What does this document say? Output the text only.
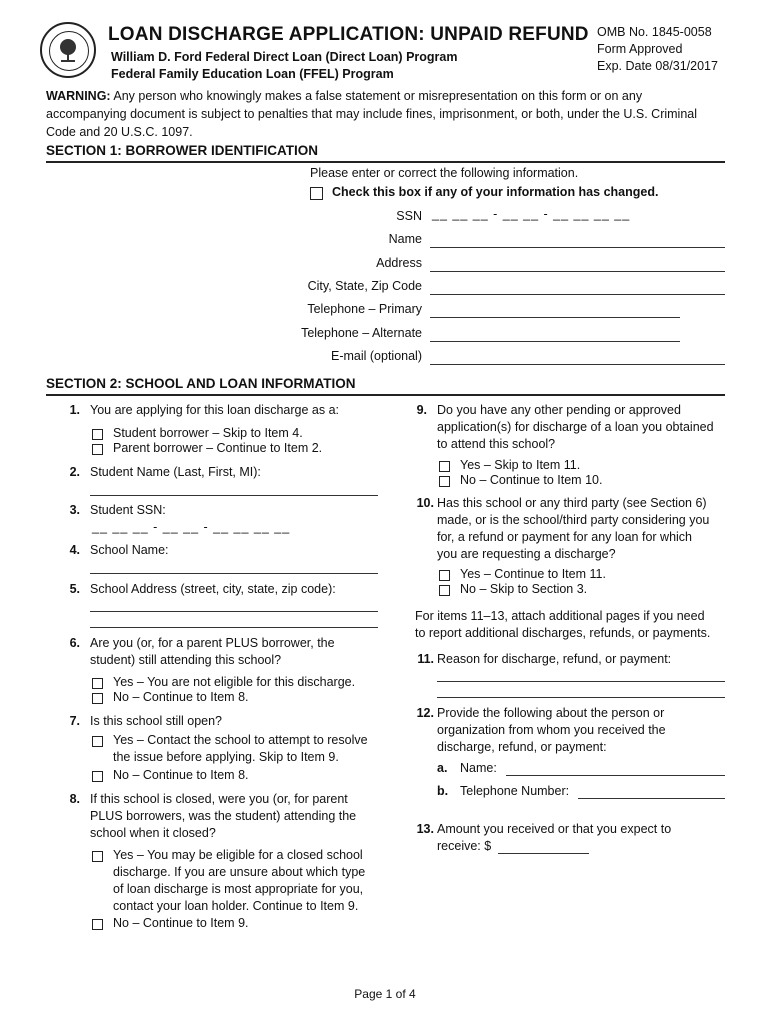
LOAN DISCHARGE APPLICATION: UNPAID REFUND
William D. Ford Federal Direct Loan (Direct Loan) Program
Federal Family Education Loan (FFEL) Program
OMB No. 1845-0058
Form Approved
Exp. Date 08/31/2017
WARNING: Any person who knowingly makes a false statement or misrepresentation on this form or on any accompanying document is subject to penalties that may include fines, imprisonment, or both, under the U.S. Criminal Code and 20 U.S.C. 1097.
SECTION 1: BORROWER IDENTIFICATION
Please enter or correct the following information.
Check this box if any of your information has changed.
SSN __ __ __ - __ __ - __ __ __ __
Name
Address
City, State, Zip Code
Telephone – Primary
Telephone – Alternate
E-mail (optional)
SECTION 2: SCHOOL AND LOAN INFORMATION
1. You are applying for this loan discharge as a:
Student borrower – Skip to Item 4.
Parent borrower – Continue to Item 2.
2. Student Name (Last, First, MI):
3. Student SSN:
__ __ __ - __ __ - __ __ __ __
4. School Name:
5. School Address (street, city, state, zip code):
6. Are you (or, for a parent PLUS borrower, the
student) still attending this school?
Yes – You are not eligible for this discharge.
No – Continue to Item 8.
7. Is this school still open?
Yes – Contact the school to attempt to resolve
the issue before applying. Skip to Item 9.
No – Continue to Item 8.
8. If this school is closed, were you (or, for parent
PLUS borrowers, was the student) attending the
school when it closed?
Yes – You may be eligible for a closed school
discharge. If you are unsure about which type
of loan discharge is most appropriate for you,
contact your loan holder. Continue to Item 9.
No – Continue to Item 9.
9. Do you have any other pending or approved
application(s) for discharge of a loan you obtained
to attend this school?
Yes – Skip to Item 11.
No – Continue to Item 10.
10. Has this school or any third party (see Section 6)
made, or is the school/third party considering you
for, a refund or payment for any loan for which
you are requesting a discharge?
Yes – Continue to Item 11.
No – Skip to Section 3.
For items 11–13, attach additional pages if you need
to report additional discharges, refunds, or payments.
11. Reason for discharge, refund, or payment:
12. Provide the following about the person or
organization from whom you received the
discharge, refund, or payment:
a. Name:
b. Telephone Number:
13. Amount you received or that you expect to
receive: $
Page 1 of 4
